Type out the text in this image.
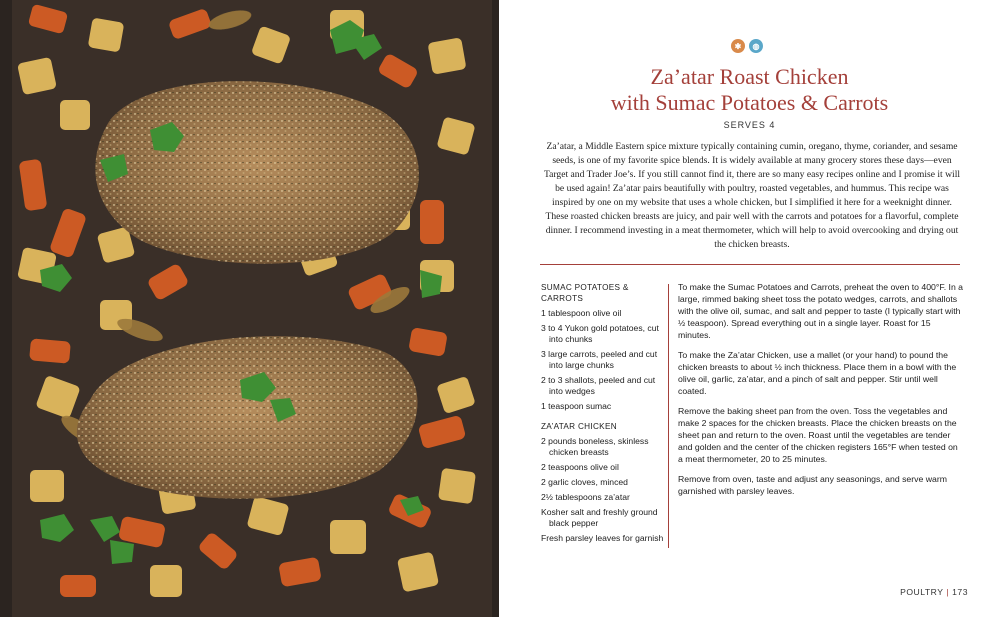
✱	◍
Za’atar Roast Chicken
with Sumac Potatoes & Carrots
SERVES 4
Za’atar, a Middle Eastern spice mixture typically containing cumin, oregano, thyme, coriander, and sesame seeds, is one of my favorite spice blends. It is widely available at many grocery stores these days—even Target and Trader Joe’s. If you still cannot find it, there are so many easy recipes online and I promise it will be used again! Za’atar pairs beautifully with poultry, roasted vegetables, and hummus. This recipe was inspired by one on my website that uses a whole chicken, but I simplified it here for a weeknight dinner. These roasted chicken breasts are juicy, and pair well with the carrots and potatoes for a flavorful, complete dinner. I recommend investing in a meat thermometer, which will help to avoid overcooking and drying out the chicken breasts.
SUMAC POTATOES & CARROTS
1 tablespoon olive oil
3 to 4 Yukon gold potatoes, cut into chunks
3 large carrots, peeled and cut into large chunks
2 to 3 shallots, peeled and cut into wedges
1 teaspoon sumac
ZA’ATAR CHICKEN
2 pounds boneless, skinless chicken breasts
2 teaspoons olive oil
2 garlic cloves, minced
2½ tablespoons za’atar
Kosher salt and freshly ground black pepper
Fresh parsley leaves for garnish

To make the Sumac Potatoes and Carrots, preheat the oven to 400°F. In a large, rimmed baking sheet toss the potato wedges, carrots, and shallots with the olive oil, sumac, and salt and pepper to taste (I typically start with ½ teaspoon). Spread everything out in a single layer. Roast for 15 minutes.

To make the Za’atar Chicken, use a mallet (or your hand) to pound the chicken breasts to about ½ inch thickness. Place them in a bowl with the olive oil, garlic, za’atar, and a pinch of salt and pepper. Stir until well coated.

Remove the baking sheet pan from the oven. Toss the vegetables and make 2 spaces for the chicken breasts. Place the chicken breasts on the sheet pan and return to the oven. Roast until the vegetables are tender and golden and the center of the chicken registers 165°F when tested on a meat thermometer, 20 to 25 minutes.

Remove from oven, taste and adjust any seasonings, and serve warm garnished with parsley leaves.

POULTRY | 173
